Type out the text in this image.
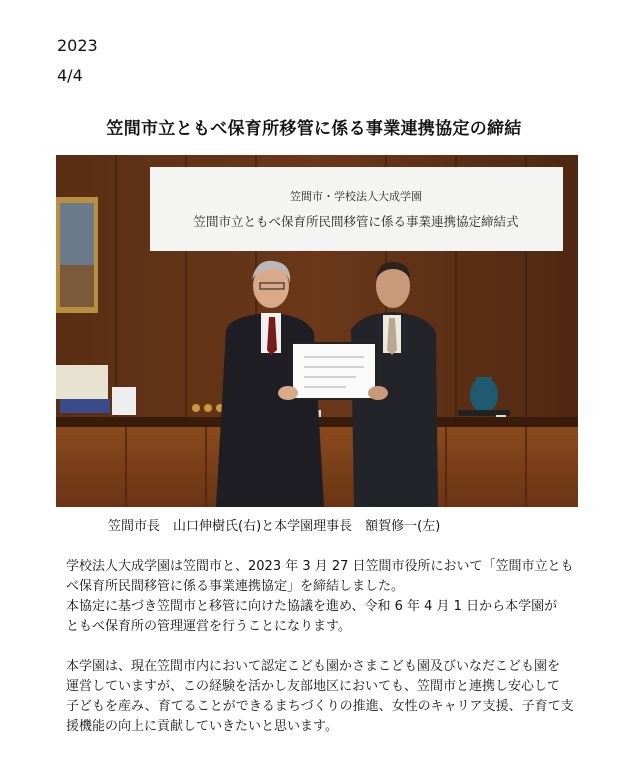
2023
4/4
笠間市立ともべ保育所移管に係る事業連携協定の締結
笠間市・学校法人大成学園
笠間市立ともべ保育所民間移管に係る事業連携協定締結式
笠間市長　山口伸樹氏(右)と本学園理事長　額賀修一(左)

学校法人大成学園は笠間市と、2023 年 3 月 27 日笠間市役所において「笠間市立とも
べ保育所民間移管に係る事業連携協定」を締結しました。
本協定に基づき笠間市と移管に向けた協議を進め、令和 6 年 4 月 1 日から本学園が
ともべ保育所の管理運営を行うことになります。

本学園は、現在笠間市内において認定こども園かさまこども園及びいなだこども園を
運営していますが、この経験を活かし友部地区においても、笠間市と連携し安心して
子どもを産み、育てることができるまちづくりの推進、女性のキャリア支援、子育て支
援機能の向上に貢献していきたいと思います。
